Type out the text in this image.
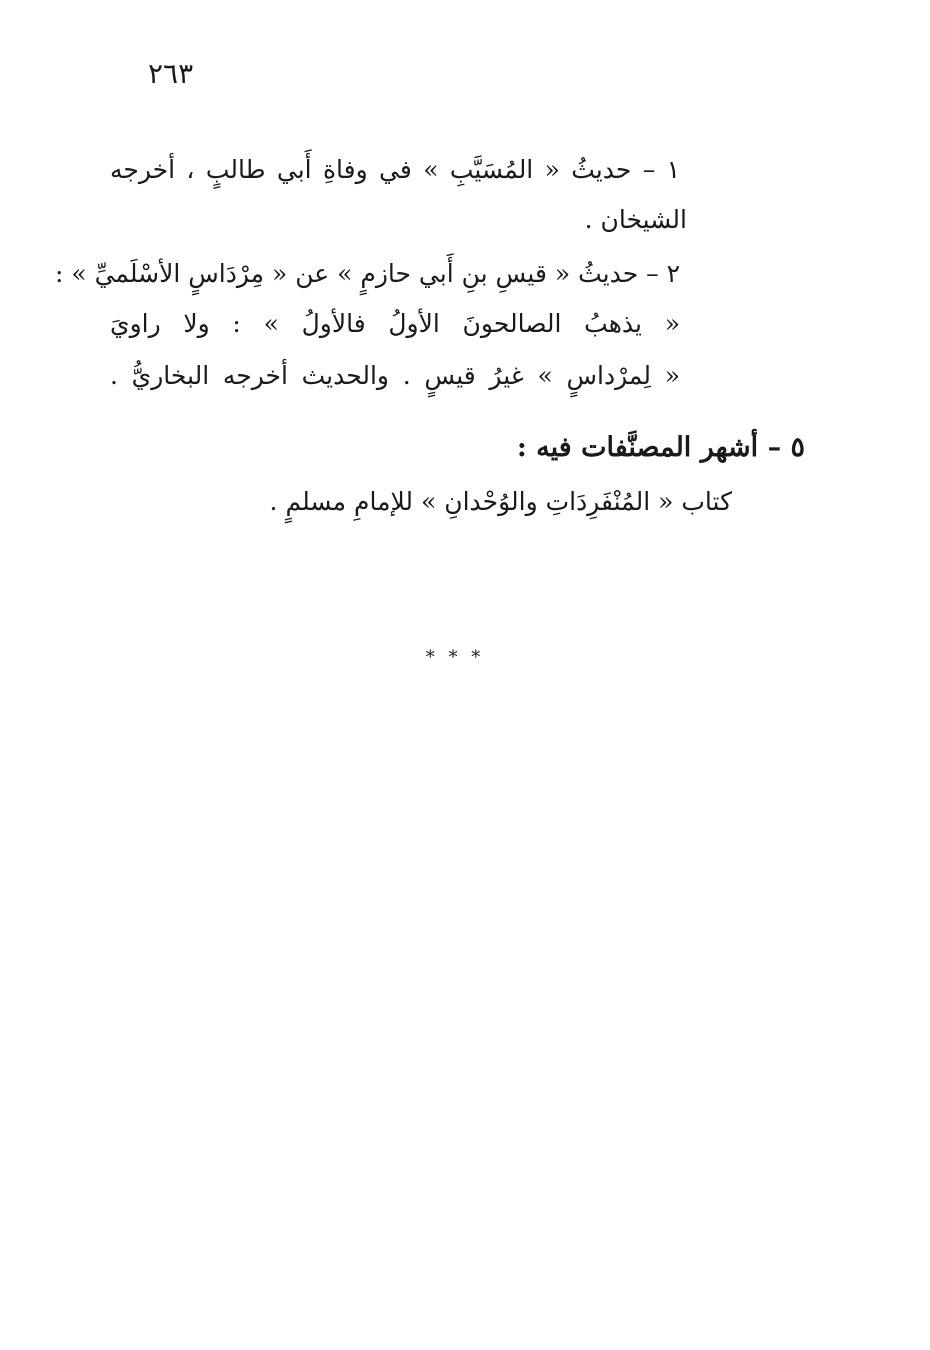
٢٦٣
١ – حديثُ « المُسَيَّبِ » في وفاةِ أَبي طالبٍ ، أخرجه
الشيخان .
٢ – حديثُ « قيسِ بنِ أَبي حازمٍ » عن « مِرْدَاسٍ الأسْلَميِّ » :
« يذهبُ الصالحونَ الأولُ فالأولُ » : ولا راويَ
« لِمرْداسٍ » غيرُ قيسٍ . والحديث أخرجه البخاريُّ .
٥ – أشهر المصنَّفات فيه :
كتاب « المُنْفَرِدَاتِ والوُحْدانِ » للإمامِ مسلمٍ .
* * *
